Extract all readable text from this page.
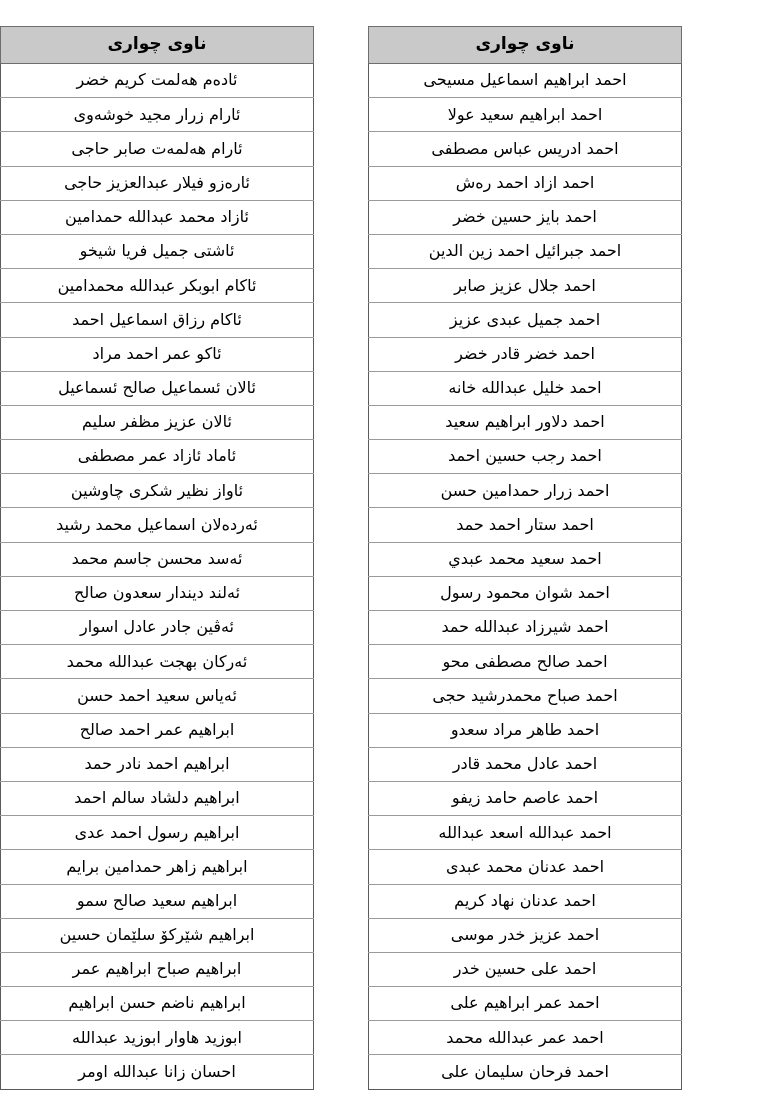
ناوی چواری

ئادەم هەلمت کریم خضر

ئارام زرار مجید خوشەوی

ئارام هەلمەت صابر حاجی

ئارەزو فیلار عبدالعزیز حاجی

ئازاد محمد عبدالله حمدامین

ئاشتی جمیل فریا شیخو

ئاکام ابوبکر عبدالله محمدامین

ئاکام رزاق اسماعیل احمد

ئاکو عمر احمد مراد

ئالان ئسماعیل صالح ئسماعیل

ئالان عزیز مظفر سلیم

ئاماد ئازاد عمر مصطفی

ئاواز نظیر شکری چاوشین

ئەردەلان اسماعیل محمد رشید

ئەسد محسن جاسم محمد

ئەلند دیندار سعدون صالح

ئەڤین جادر عادل اسوار

ئەرکان بهجت عبدالله محمد

ئەیاس سعید احمد حسن

ابراهیم عمر احمد صالح

ابراهیم احمد نادر حمد

ابراهیم دلشاد سالم احمد

ابراهیم رسول احمد عدی

ابراهیم زاهر حمدامین برایم

ابراهیم سعید صالح سمو

ابراهیم شێرکۆ سلێمان حسین

ابراهیم صباح ابراهیم عمر

ابراهیم ناضم حسن ابراهیم

ابوزید هاوار ابوزید عبدالله

احسان زانا عبدالله اومر
ناوی چواری

احمد ابراهیم اسماعیل مسیحی

احمد ابراهیم سعید عولا

احمد ادریس عباس مصطفی

احمد ازاد احمد رەش

احمد بایز حسین خضر

احمد جبرائیل احمد زین الدین

احمد جلال عزیز صابر

احمد جمیل عبدی عزیز

احمد خضر قادر خضر

احمد خلیل عبدالله خانه

احمد دلاور ابراهیم سعید

احمد رجب حسین احمد

احمد زرار حمدامین حسن

احمد ستار احمد حمد

احمد سعید محمد عبدي

احمد شوان محمود رسول

احمد شیرزاد عبدالله حمد

احمد صالح مصطفی محو

احمد صباح محمدرشید حجی

احمد طاهر مراد سعدو

احمد عادل محمد قادر

احمد عاصم حامد زیفو

احمد عبدالله اسعد عبدالله

احمد عدنان محمد عبدی

احمد عدنان نهاد کریم

احمد عزیز خدر موسی

احمد علی حسین خدر

احمد عمر ابراهیم علی

احمد عمر عبدالله محمد

احمد فرحان سلیمان علی
